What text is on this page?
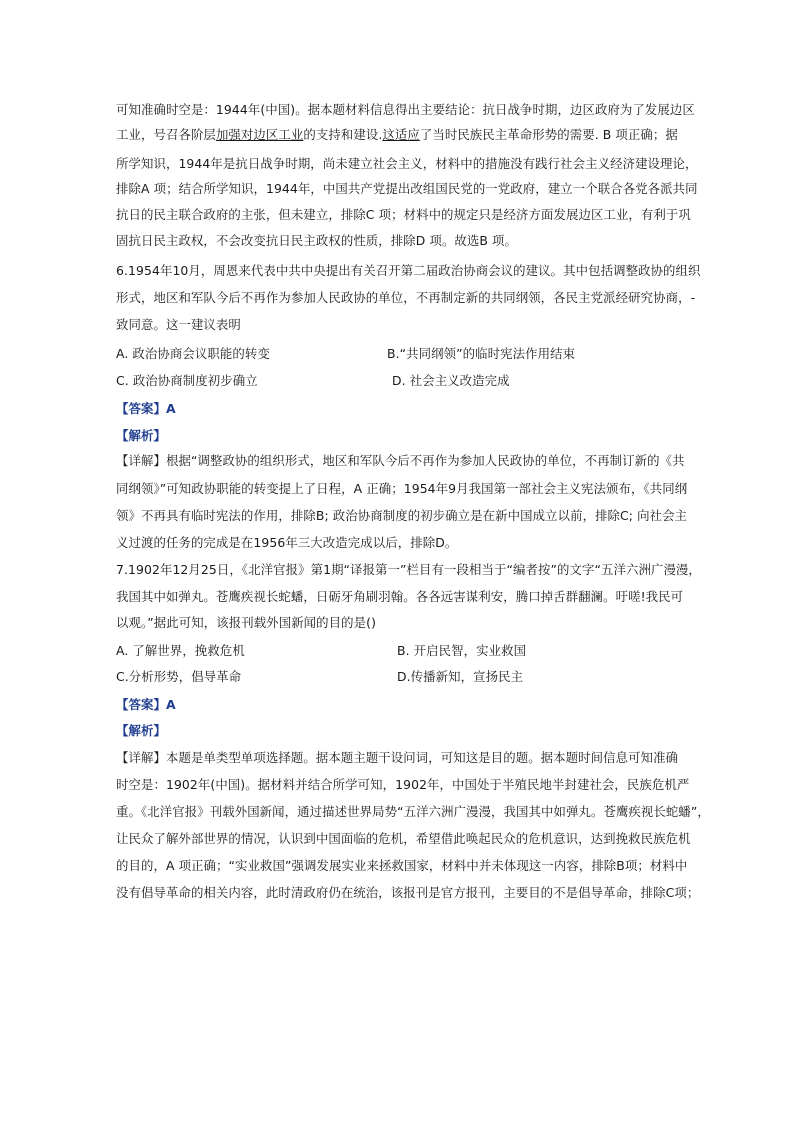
可知准确时空是：1944年(中国)。据本题材料信息得出主要结论：抗日战争时期，边区政府为了发展边区
工业，号召各阶层加强对边区工业的支持和建设.这适应了当时民族民主革命形势的需要. B 项正确；据
所学知识，1944年是抗日战争时期，尚未建立社会主义，材料中的措施没有践行社会主义经济建设理论，
排除A 项；结合所学知识，1944年，中国共产党提出改组国民党的一党政府，建立一个联合各党各派共同
抗日的民主联合政府的主张，但未建立，排除C 项；材料中的规定只是经济方面发展边区工业，有利于巩
固抗日民主政权，不会改变抗日民主政权的性质，排除D 项。故选B 项。
6.1954年10月，周恩来代表中共中央提出有关召开第二届政治协商会议的建议。其中包括调整政协的组织
形式，地区和军队今后不再作为参加人民政协的单位，不再制定新的共同纲领，各民主党派经研究协商，-
致同意。这一建议表明
A. 政治协商会议职能的转变	B.“共同纲领”的临时宪法作用结束
C. 政治协商制度初步确立	D. 社会主义改造完成
【答案】A
【解析】
【详解】根据“调整政协的组织形式，地区和军队今后不再作为参加人民政协的单位，不再制订新的《共
同纲领》”可知政协职能的转变提上了日程，A 正确；1954年9月我国第一部社会主义宪法颁布，《共同纲
领》不再具有临时宪法的作用，排除B; 政治协商制度的初步确立是在新中国成立以前，排除C; 向社会主
义过渡的任务的完成是在1956年三大改造完成以后，排除D。
7.1902年12月25日，《北洋官报》第1期“译报第一”栏目有一段相当于“编者按”的文字“五洋六洲广漫漫，
我国其中如弹丸。苍鹰疾视长蛇蟠，日砺牙角刷羽翰。各各远害谋利安，腾口掉舌群翻澜。吁嗟!我民可
以观。”据此可知，该报刊载外国新闻的目的是()
A. 了解世界，挽救危机	B. 开启民智，实业救国
C.分析形势，倡导革命	D.传播新知，宣扬民主
【答案】A
【解析】
【详解】本题是单类型单项选择题。据本题主题干设问词，可知这是目的题。据本题时间信息可知准确
时空是：1902年(中国)。据材料并结合所学可知，1902年，中国处于半殖民地半封建社会，民族危机严
重。《北洋官报》刊载外国新闻，通过描述世界局势“五洋六洲广漫漫，我国其中如弹丸。苍鹰疾视长蛇蟠”，
让民众了解外部世界的情况，认识到中国面临的危机，希望借此唤起民众的危机意识，达到挽救民族危机
的目的，A 项正确；“实业救国”强调发展实业来拯救国家，材料中并未体现这一内容，排除B项；材料中
没有倡导革命的相关内容，此时清政府仍在统治，该报刊是官方报刊，主要目的不是倡导革命，排除C项；
